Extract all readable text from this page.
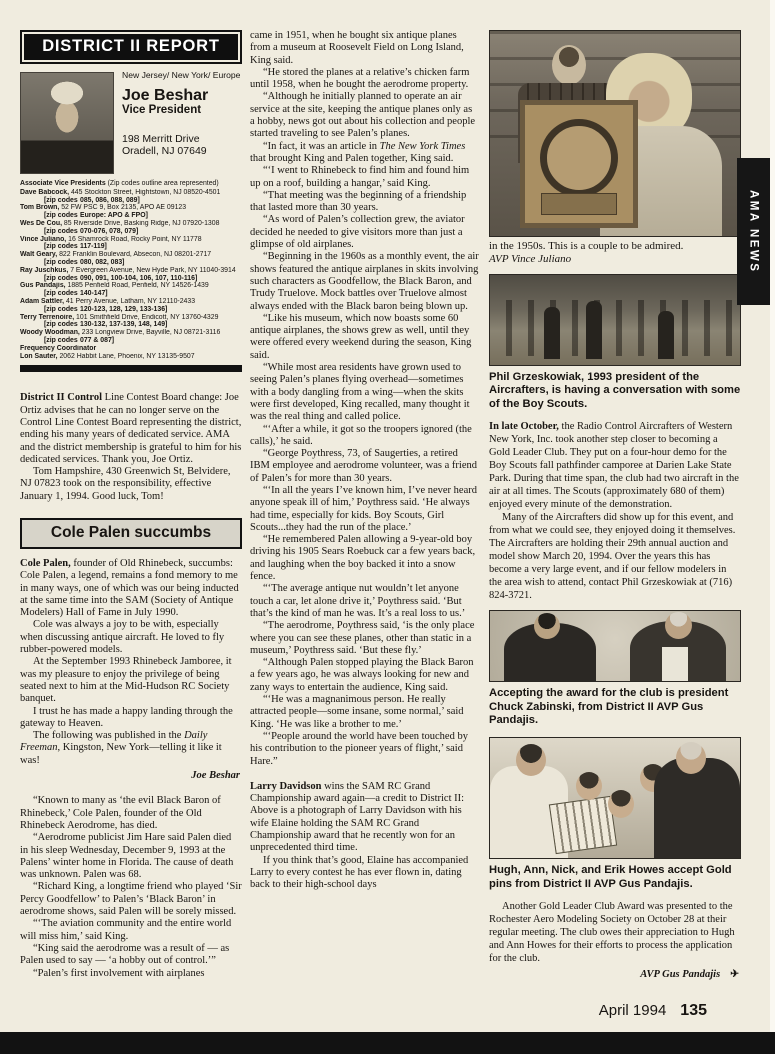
DISTRICT II REPORT
New Jersey/ New York/ Europe
Joe Beshar
Vice President
198 Merritt Drive
Oradell, NJ 07649
Associate Vice Presidents (Zip codes outline area represented)
Dave Babcock, 445 Stockton Street, Hightstown, NJ 08520-4501
[zip codes 085, 086, 088, 089]
Tom Brown, 52 FW PSC 9, Box 2135, APO AE 09123
[zip codes Europe: APO & FPO]
Wes De Cou, 85 Riverside Drive, Basking Ridge, NJ 07920-1308
[zip codes 070-076, 078, 079]
Vince Juliano, 16 Shamrock Road, Rocky Point, NY 11778
[zip codes 117-119]
Walt Geary, 822 Franklin Boulevard, Absecon, NJ 08201-2717
[zip codes 080, 082, 083]
Ray Juschkus, 7 Evergreen Avenue, New Hyde Park, NY 11040-3914
[zip codes 090, 091, 100-104, 106, 107, 110-116]
Gus Pandajis, 1885 Penfield Road, Penfield, NY 14526-1439
[zip codes 140-147]
Adam Sattler, 41 Perry Avenue, Latham, NY 12110-2433
[zip codes 120-123, 128, 129, 133-136]
Terry Terrenoire, 101 Smithfield Drive, Endicott, NY 13760-4329
[zip codes 130-132, 137-139, 148, 149]
Woody Woodman, 233 Longview Drive, Bayville, NJ 08721-3116
[zip codes 077 & 087]
Frequency Coordinator
Lon Sauter, 2062 Habbit Lane, Phoenix, NY 13135-9507

District II Control Line Contest Board change: Joe Ortiz advises that he can no longer serve on the Control Line Contest Board representing the district, ending his many years of dedicated service. AMA and the district membership is grateful to him for his dedicated services. Thank you, Joe Ortiz.

Tom Hampshire, 430 Greenwich St, Belvidere, NJ 07823 took on the responsibility, effective January 1, 1994. Good luck, Tom!

Cole Palen succumbs

Cole Palen, founder of Old Rhinebeck, succumbs: Cole Palen, a legend, remains a fond memory to me in many ways, one of which was our being inducted at the same time into the SAM (Society of Antique Modelers) Hall of Fame in July 1990.

Cole was always a joy to be with, especially when discussing antique aircraft. He loved to fly rubber-powered models.

At the September 1993 Rhinebeck Jamboree, it was my pleasure to enjoy the privilege of being seated next to him at the Mid-Hudson RC Society banquet.

I trust he has made a happy landing through the gateway to Heaven.

The following was published in the Daily Freeman, Kingston, New York—telling it like it was!

Joe Beshar

“Known to many as ‘the evil Black Baron of Rhinebeck,’ Cole Palen, founder of the Old Rhinebeck Aerodrome, has died.

“Aerodrome publicist Jim Hare said Palen died in his sleep Wednesday, December 9, 1993 at the Palens’ winter home in Florida. The cause of death was unknown. Palen was 68.

“Richard King, a longtime friend who played ‘Sir Percy Goodfellow’ to Palen’s ‘Black Baron’ in aerodrome shows, said Palen will be sorely missed.

“‘The aviation community and the entire world will miss him,’ said King.

“King said the aerodrome was a result of — as Palen used to say — ‘a hobby out of control.’”

“Palen’s first involvement with airplanes

came in 1951, when he bought six antique planes from a museum at Roosevelt Field on Long Island, King said.

“He stored the planes at a relative’s chicken farm until 1958, when he bought the aerodrome property.

“Although he initially planned to operate an air service at the site, keeping the antique planes only as a hobby, news got out about his collection and people started traveling to see Palen’s planes.

“In fact, it was an article in The New York Times that brought King and Palen together, King said.

“‘I went to Rhinebeck to find him and found him up on a roof, building a hangar,’ said King.

“That meeting was the beginning of a friendship that lasted more than 30 years.

“As word of Palen’s collection grew, the aviator decided he needed to give visitors more than just a glimpse of old airplanes.

“Beginning in the 1960s as a monthly event, the air shows featured the antique airplanes in skits involving such characters as Goodfellow, the Black Baron, and Trudy Truelove. Mock battles over Truelove almost always ended with the Black baron being blown up.

“Like his museum, which now boasts some 60 antique airplanes, the shows grew as well, until they were offered every weekend during the season, King said.

“While most area residents have grown used to seeing Palen’s planes flying overhead—sometimes with a body dangling from a wing—when the skits were first developed, King recalled, many thought it was the real thing and called police.

“‘After a while, it got so the troopers ignored (the calls),’ he said.

“George Poythress, 73, of Saugerties, a retired IBM employee and aerodrome volunteer, was a friend of Palen’s for more than 30 years.

“‘In all the years I’ve known him, I’ve never heard anyone speak ill of him,’ Poythress said. ‘He always had time, especially for kids. Boy Scouts, Girl Scouts...they had the run of the place.’

“He remembered Palen allowing a 9-year-old boy driving his 1905 Sears Roebuck car a few years back, and laughing when the boy backed it into a snow fence.

“‘The average antique nut wouldn’t let anyone touch a car, let alone drive it,’ Poythress said. ‘But that’s the kind of man he was. It’s a real loss to us.’

“The aerodrome, Poythress said, ‘is the only place where you can see these planes, other than static in a museum,’ Poythress said. ‘But these fly.’

“Although Palen stopped playing the Black Baron a few years ago, he was always looking for new and zany ways to entertain the audience, King said.

“‘He was a magnanimous person. He really attracted people—some insane, some normal,’ said King. ‘He was like a brother to me.’

“‘People around the world have been touched by his contribution to the pioneer years of flight,’ said Hare.”

Larry Davidson wins the SAM RC Grand Championship award again—a credit to District II: Above is a photograph of Larry Davidson with his wife Elaine holding the SAM RC Grand Championship award that he recently won for an unprecedented third time.

If you think that’s good, Elaine has accompanied Larry to every contest he has ever flown in, dating back to their high-school days

in the 1950s. This is a couple to be admired.
AVP Vince Juliano

Phil Grzeskowiak, 1993 president of the Aircrafters, is having a conversation with some of the Boy Scouts.

In late October, the Radio Control Aircrafters of Western New York, Inc. took another step closer to becoming a Gold Leader Club. They put on a four-hour demo for the Boy Scouts fall pathfinder camporee at Darien Lake State Park. During that time span, the club had two aircraft in the air at all times. The Scouts (approximately 680 of them) enjoyed every minute of the demonstration.

Many of the Aircrafters did show up for this event, and from what we could see, they enjoyed doing it themselves. The Aircrafters are holding their 29th annual auction and model show March 20, 1994. Over the years this has become a very large event, and if our fellow modelers in the area wish to attend, contact Phil Grzeskowiak at (716) 824-3721.

Accepting the award for the club is president Chuck Zabinski, from District II AVP Gus Pandajis.

Hugh, Ann, Nick, and Erik Howes accept Gold pins from District II AVP Gus Pandajis.

Another Gold Leader Club Award was presented to the Rochester Aero Modeling Society on October 28 at their regular meeting. The club owes their appreciation to Hugh and Ann Howes for their efforts to process the application for the club.

AVP Gus Pandajis ✈

AMA NEWS
April 1994 135
